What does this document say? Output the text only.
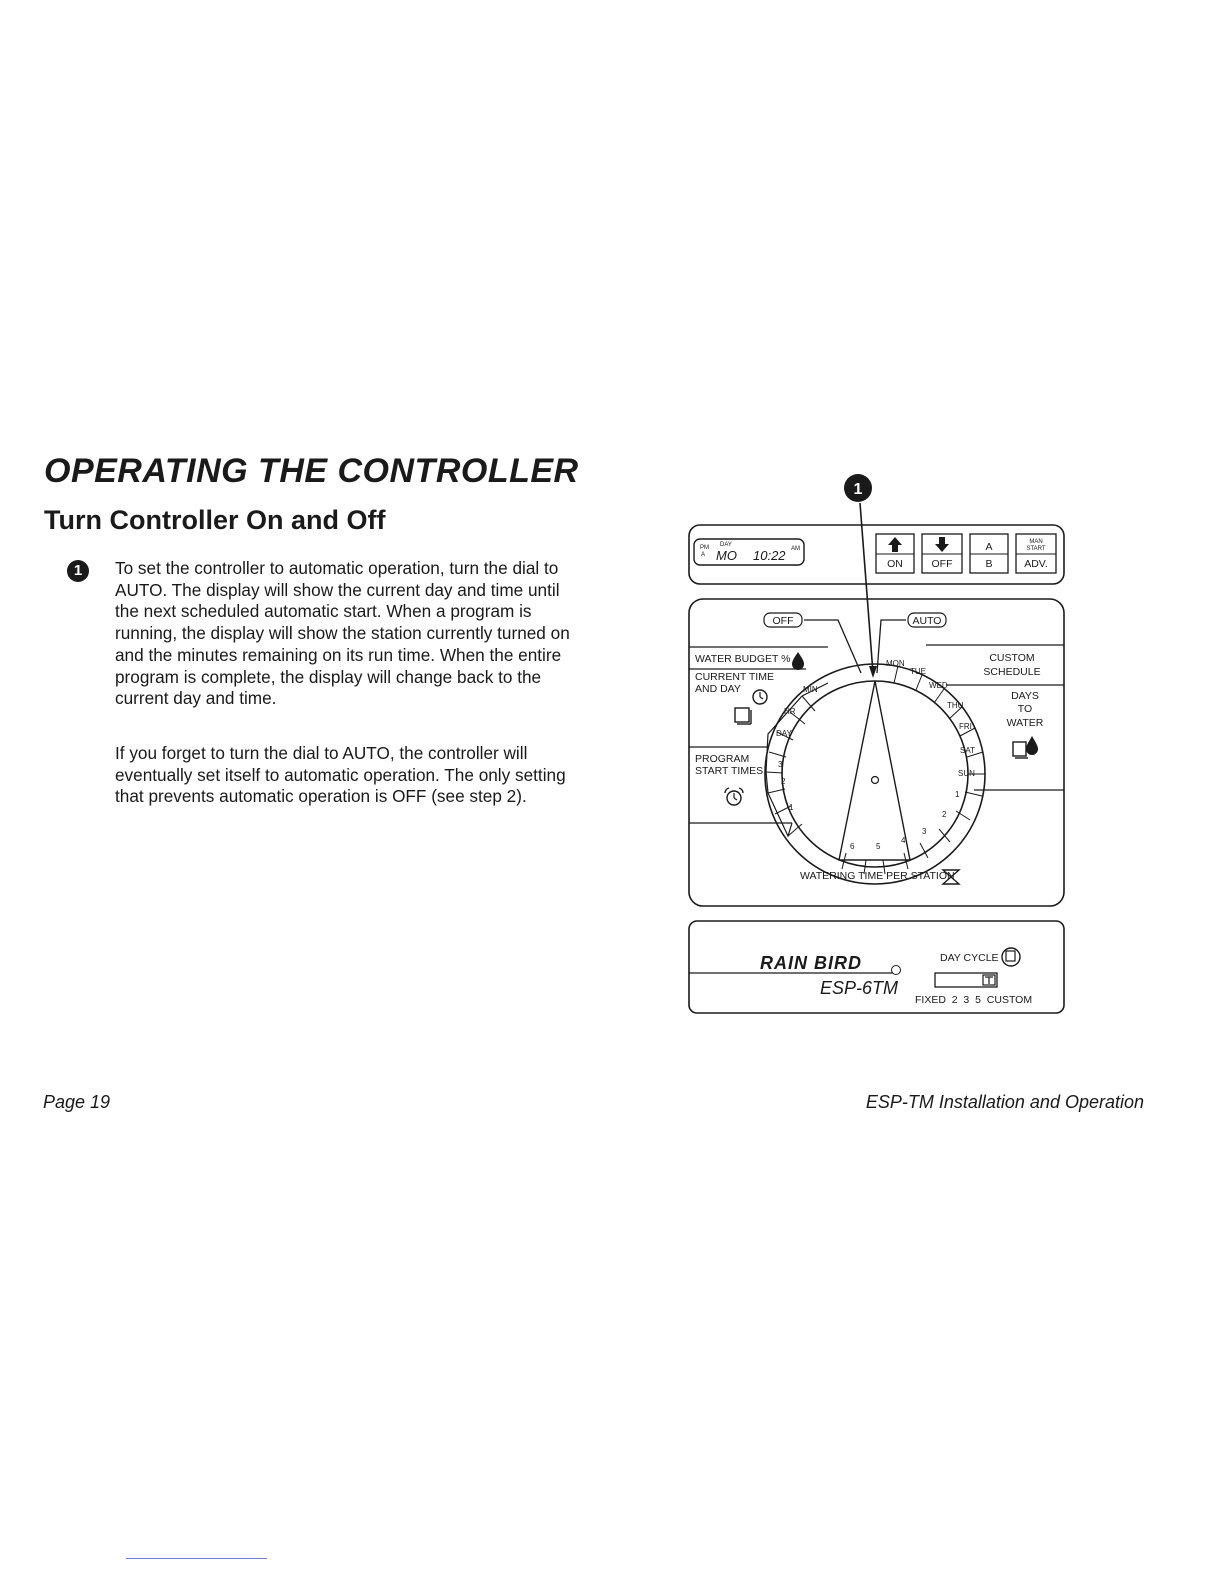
OPERATING THE CONTROLLER
Turn Controller On and Off
1	To set the controller to automatic operation, turn the dial to AUTO. The display will show the current day and time until the next scheduled automatic start. When a program is running, the display will show the station currently turned on and the minutes remaining on its run time. When the entire program is complete, the display will change back to the current day and time.

If you forget to turn the dial to AUTO, the controller will eventually set itself to automatic operation. The only setting that prevents automatic operation is OFF (see step 2).

1
PM
A
DAY
MO 10:22 AM
ON	OFF
A
B
MAN
START
ADV.
OFF	AUTO
WATER BUDGET %
CURRENT TIME
AND DAY
PROGRAM
START TIMES
CUSTOM
SCHEDULE
DAYS
TO
WATER
MIN
HR
DAY
3
2
1
MON
TUE
WED
THU
FRI
SAT
SUN
1
2
3
4
5
6
WATERING TIME PER STATION
RAIN BIRD
ESP-6TM
DAY CYCLE
FIXED  2  3  5  CUSTOM
Page 19	ESP-TM Installation and Operation
